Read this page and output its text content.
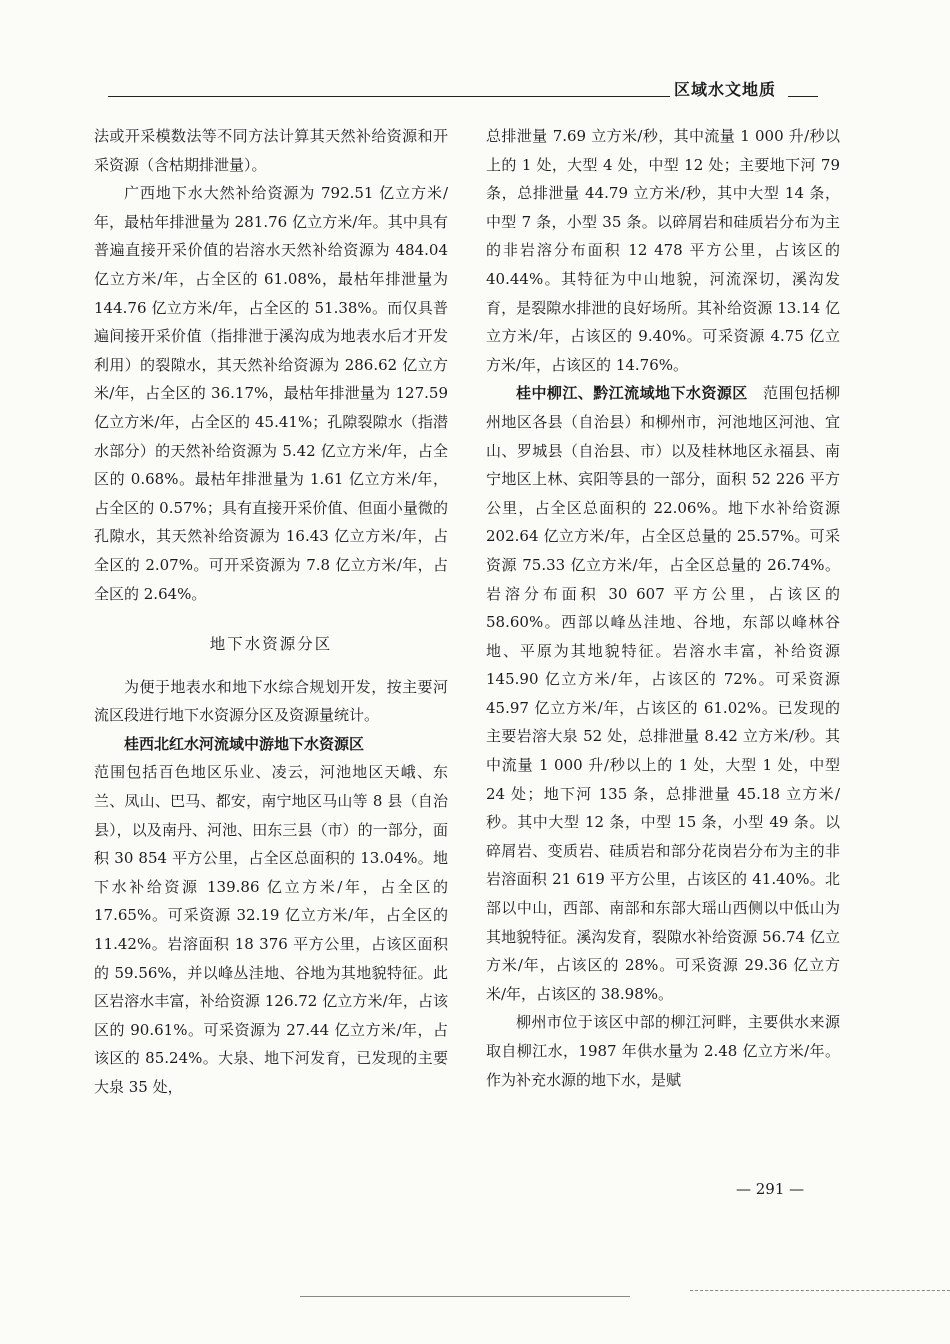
区域水文地质

法或开采模数法等不同方法计算其天然补给资源和开采资源（含枯期排泄量）。

广西地下水大然补给资源为 792.51 亿立方米/年，最枯年排泄量为 281.76 亿立方米/年。其中具有普遍直接开采价值的岩溶水天然补给资源为 484.04 亿立方米/年，占全区的 61.08%，最枯年排泄量为 144.76 亿立方米/年，占全区的 51.38%。而仅具普遍间接开采价值（指排泄于溪沟成为地表水后才开发利用）的裂隙水，其天然补给资源为 286.62 亿立方米/年，占全区的 36.17%，最枯年排泄量为 127.59 亿立方米/年，占全区的 45.41%；孔隙裂隙水（指潜水部分）的天然补给资源为 5.42 亿立方米/年，占全区的 0.68%。最枯年排泄量为 1.61 亿立方米/年，占全区的 0.57%；具有直接开采价值、但面小量微的孔隙水，其天然补给资源为 16.43 亿立方米/年，占全区的 2.07%。可开采资源为 7.8 亿立方米/年，占全区的 2.64%。

地下水资源分区

为便于地表水和地下水综合规划开发，按主要河流区段进行地下水资源分区及资源量统计。

桂西北红水河流域中游地下水资源区

范围包括百色地区乐业、凌云，河池地区天峨、东兰、凤山、巴马、都安，南宁地区马山等 8 县（自治县），以及南丹、河池、田东三县（市）的一部分，面积 30 854 平方公里，占全区总面积的 13.04%。地下水补给资源 139.86 亿立方米/年，占全区的 17.65%。可采资源 32.19 亿立方米/年，占全区的 11.42%。岩溶面积 18 376 平方公里，占该区面积的 59.56%，并以峰丛洼地、谷地为其地貌特征。此区岩溶水丰富，补给资源 126.72 亿立方米/年，占该区的 90.61%。可采资源为 27.44 亿立方米/年，占该区的 85.24%。大泉、地下河发育，已发现的主要大泉 35 处，

总排泄量 7.69 立方米/秒，其中流量 1 000 升/秒以上的 1 处，大型 4 处，中型 12 处；主要地下河 79 条，总排泄量 44.79 立方米/秒，其中大型 14 条，中型 7 条，小型 35 条。以碎屑岩和硅质岩分布为主的非岩溶分布面积 12 478 平方公里，占该区的 40.44%。其特征为中山地貌，河流深切，溪沟发育，是裂隙水排泄的良好场所。其补给资源 13.14 亿立方米/年，占该区的 9.40%。可采资源 4.75 亿立方米/年，占该区的 14.76%。

桂中柳江、黔江流域地下水资源区　 范围包括柳州地区各县（自治县）和柳州市，河池地区河池、宜山、罗城县（自治县、市）以及桂林地区永福县、南宁地区上林、宾阳等县的一部分，面积 52 226 平方公里，占全区总面积的 22.06%。地下水补给资源 202.64 亿立方米/年，占全区总量的 25.57%。可采资源 75.33 亿立方米/年，占全区总量的 26.74%。岩溶分布面积 30 607 平方公里，占该区的 58.60%。西部以峰丛洼地、谷地，东部以峰林谷地、平原为其地貌特征。岩溶水丰富，补给资源 145.90 亿立方米/年，占该区的 72%。可采资源 45.97 亿立方米/年，占该区的 61.02%。已发现的主要岩溶大泉 52 处，总排泄量 8.42 立方米/秒。其中流量 1 000 升/秒以上的 1 处，大型 1 处，中型 24 处；地下河 135 条，总排泄量 45.18 立方米/秒。其中大型 12 条，中型 15 条，小型 49 条。以碎屑岩、变质岩、硅质岩和部分花岗岩分布为主的非岩溶面积 21 619 平方公里，占该区的 41.40%。北部以中山，西部、南部和东部大瑶山西侧以中低山为其地貌特征。溪沟发育，裂隙水补给资源 56.74 亿立方米/年，占该区的 28%。可采资源 29.36 亿立方米/年，占该区的 38.98%。

柳州市位于该区中部的柳江河畔，主要供水来源取自柳江水，1987 年供水量为 2.48 亿立方米/年。作为补充水源的地下水，是赋

— 291 —
